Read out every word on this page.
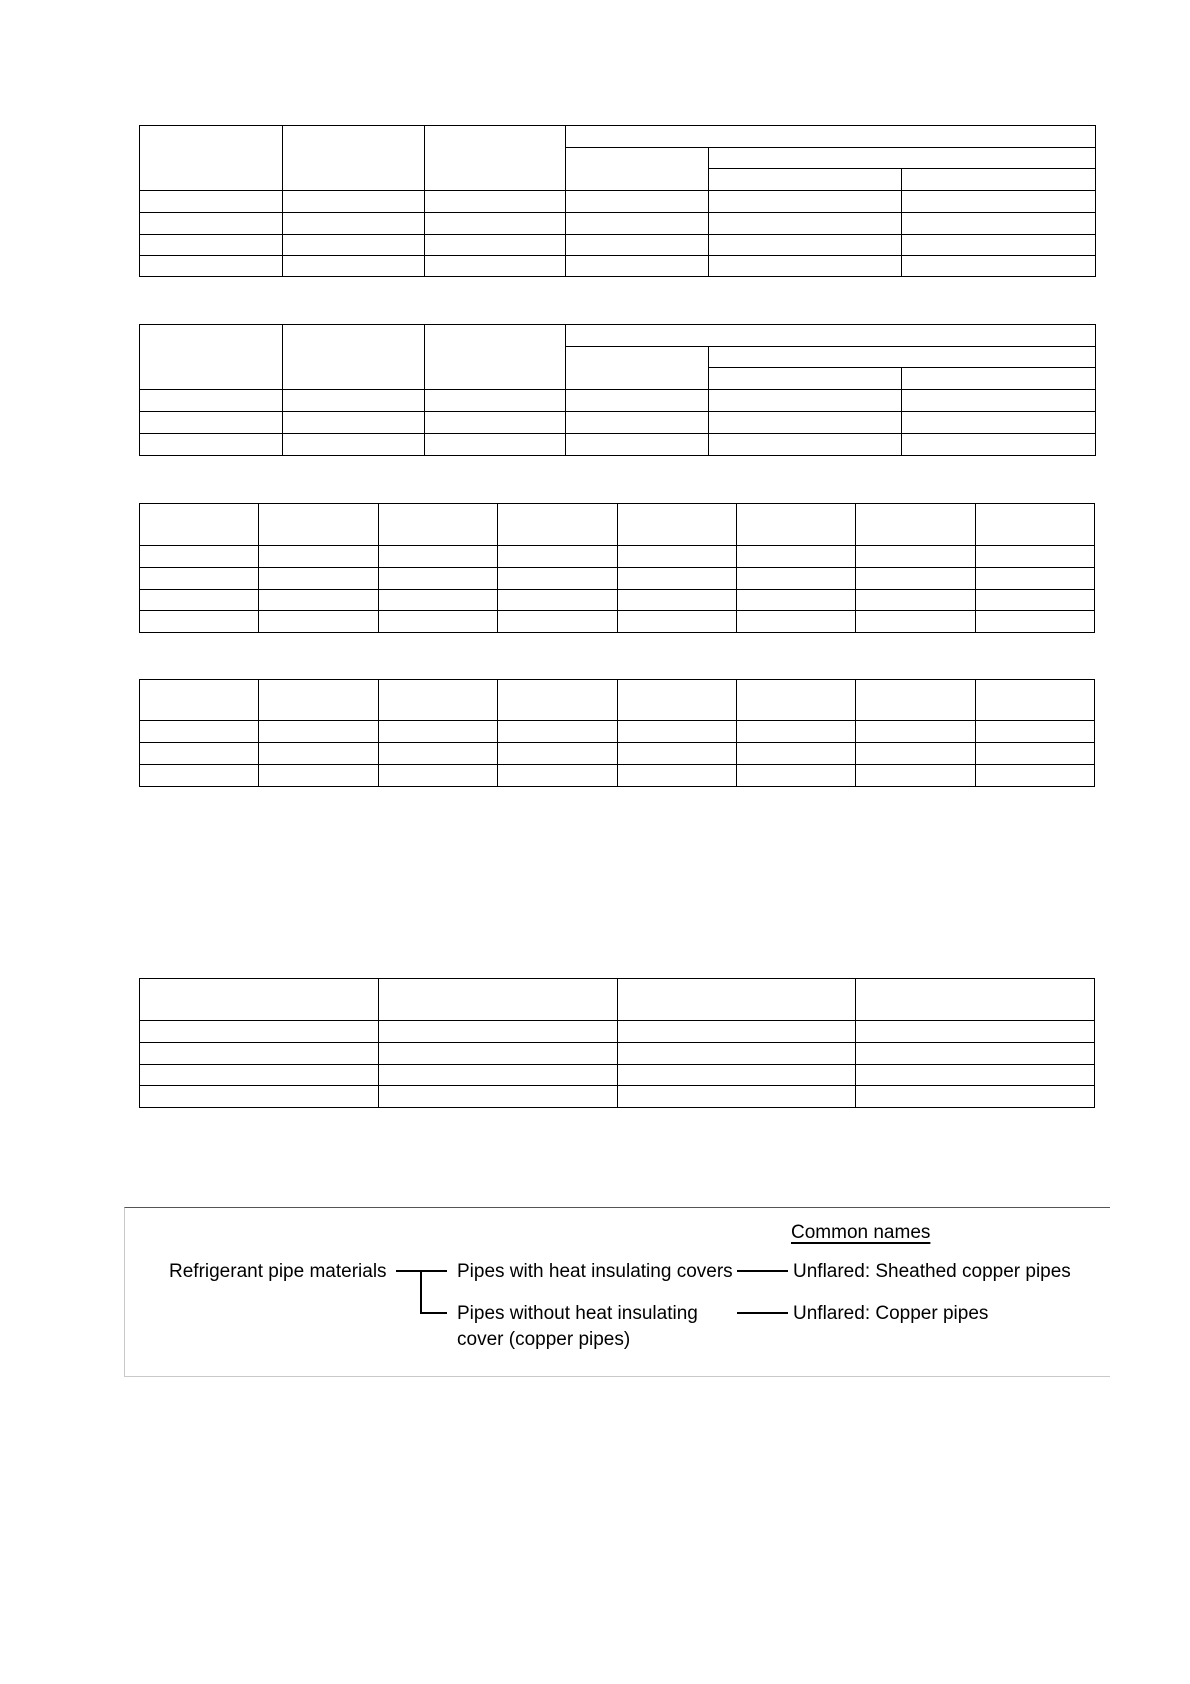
Common names
Refrigerant pipe materials	Pipes with heat insulating covers	Unflared: Sheathed copper pipes
Pipes without heat insulating
cover (copper pipes)
Unflared: Copper pipes
